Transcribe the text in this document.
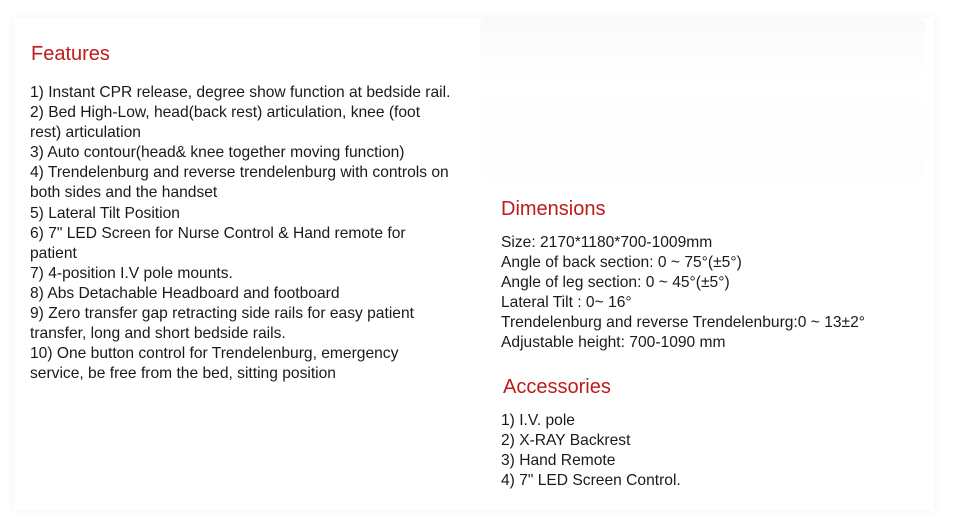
Features
1) Instant CPR release, degree show function at bedside rail.
2) Bed High-Low, head(back rest) articulation, knee (foot rest) articulation
3) Auto contour(head& knee together moving function)
4) Trendelenburg and reverse trendelenburg with controls on both sides and the handset
5) Lateral Tilt Position
6) 7" LED Screen for Nurse Control & Hand remote for patient
7) 4-position I.V pole mounts.
8) Abs Detachable Headboard and footboard
9) Zero transfer gap retracting side rails for easy patient transfer, long and short bedside rails.
10) One button control for Trendelenburg, emergency service, be free from the bed, sitting position
Dimensions
Size: 2170*1180*700-1009mm
Angle of back section: 0 ~ 75°(±5°)
Angle of leg section: 0 ~ 45°(±5°)
Lateral Tilt : 0~ 16°
Trendelenburg and reverse Trendelenburg:0 ~ 13±2°
Adjustable height: 700-1090 mm
Accessories
1) I.V. pole
2) X-RAY Backrest
3) Hand Remote
4) 7" LED Screen Control.
